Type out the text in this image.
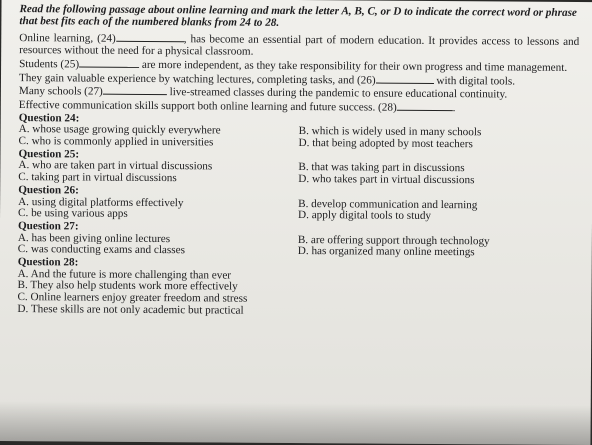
Read the following passage about online learning and mark the letter A, B, C, or D to indicate the correct word or phrase that best fits each of the numbered blanks from 24 to 28.
Online learning, (24)	, has become an essential part of modern education. It provides access to lessons and resources without the need for a physical classroom.
Students (25)	are more independent, as they take responsibility for their own progress and time management.
They gain valuable experience by watching lectures, completing tasks, and (26)	with digital tools.
Many schools (27)	live-streamed classes during the pandemic to ensure educational continuity.
Effective communication skills support both online learning and future success. (28)	.
Question 24:
A. whose usage growing quickly everywhere	B. which is widely used in many schools
C. who is commonly applied in universities	D. that being adopted by most teachers
Question 25:
A. who are taken part in virtual discussions	B. that was taking part in discussions
C. taking part in virtual discussions	D. who takes part in virtual discussions
Question 26:
A. using digital platforms effectively	B. develop communication and learning
C. be using various apps	D. apply digital tools to study
Question 27:
A. has been giving online lectures	B. are offering support through technology
C. was conducting exams and classes	D. has organized many online meetings
Question 28:
A. And the future is more challenging than ever
B. They also help students work more effectively
C. Online learners enjoy greater freedom and stress
D. These skills are not only academic but practical
